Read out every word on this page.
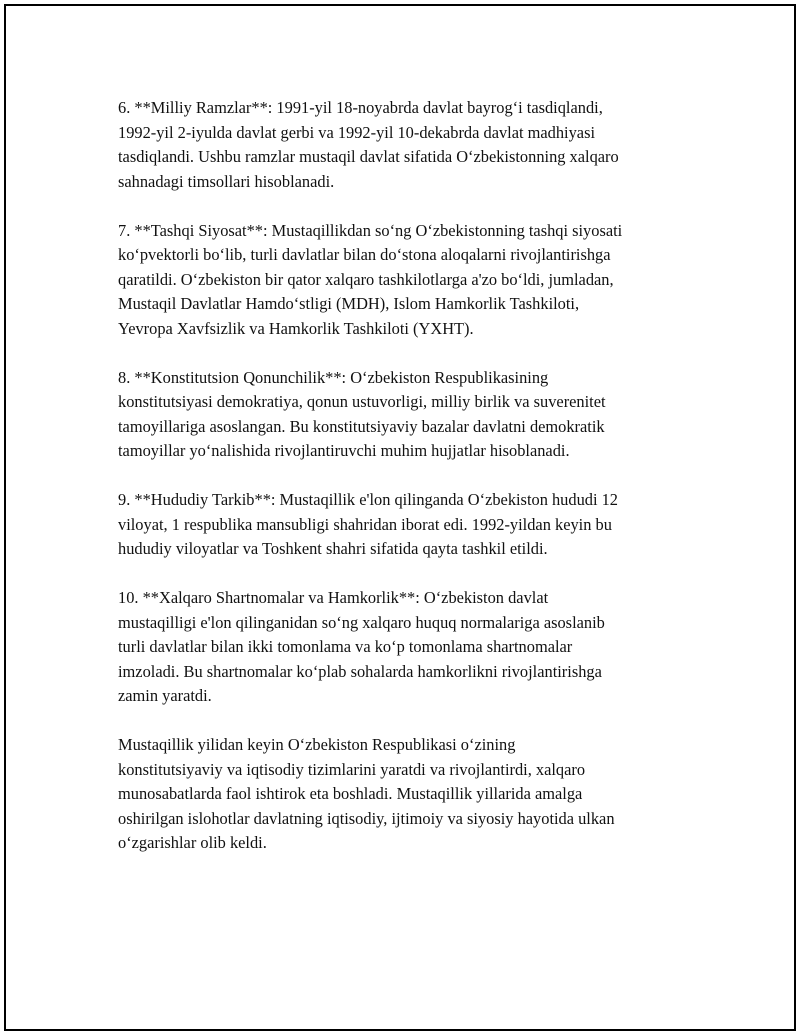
6. **Milliy Ramzlar**: 1991-yil 18-noyabrda davlat bayrog‘i tasdiqlandi,
1992-yil 2-iyulda davlat gerbi va 1992-yil 10-dekabrda davlat madhiyasi
tasdiqlandi. Ushbu ramzlar mustaqil davlat sifatida O‘zbekistonning xalqaro
sahnadagi timsollari hisoblanadi.

7. **Tashqi Siyosat**: Mustaqillikdan so‘ng O‘zbekistonning tashqi siyosati
ko‘pvektorli bo‘lib, turli davlatlar bilan do‘stona aloqalarni rivojlantirishga
qaratildi. O‘zbekiston bir qator xalqaro tashkilotlarga a'zo bo‘ldi, jumladan,
Mustaqil Davlatlar Hamdo‘stligi (MDH), Islom Hamkorlik Tashkiloti,
Yevropa Xavfsizlik va Hamkorlik Tashkiloti (YXHT).

8. **Konstitutsion Qonunchilik**: O‘zbekiston Respublikasining
konstitutsiyasi demokratiya, qonun ustuvorligi, milliy birlik va suverenitet
tamoyillariga asoslangan. Bu konstitutsiyaviy bazalar davlatni demokratik
tamoyillar yo‘nalishida rivojlantiruvchi muhim hujjatlar hisoblanadi.

9. **Hududiy Tarkib**: Mustaqillik e'lon qilinganda O‘zbekiston hududi 12
viloyat, 1 respublika mansubligi shahridan iborat edi. 1992-yildan keyin bu
hududiy viloyatlar va Toshkent shahri sifatida qayta tashkil etildi.

10. **Xalqaro Shartnomalar va Hamkorlik**: O‘zbekiston davlat
mustaqilligi e'lon qilinganidan so‘ng xalqaro huquq normalariga asoslanib
turli davlatlar bilan ikki tomonlama va ko‘p tomonlama shartnomalar
imzoladi. Bu shartnomalar ko‘plab sohalarda hamkorlikni rivojlantirishga
zamin yaratdi.

Mustaqillik yilidan keyin O‘zbekiston Respublikasi o‘zining
konstitutsiyaviy va iqtisodiy tizimlarini yaratdi va rivojlantirdi, xalqaro
munosabatlarda faol ishtirok eta boshladi. Mustaqillik yillarida amalga
oshirilgan islohotlar davlatning iqtisodiy, ijtimoiy va siyosiy hayotida ulkan
o‘zgarishlar olib keldi.
